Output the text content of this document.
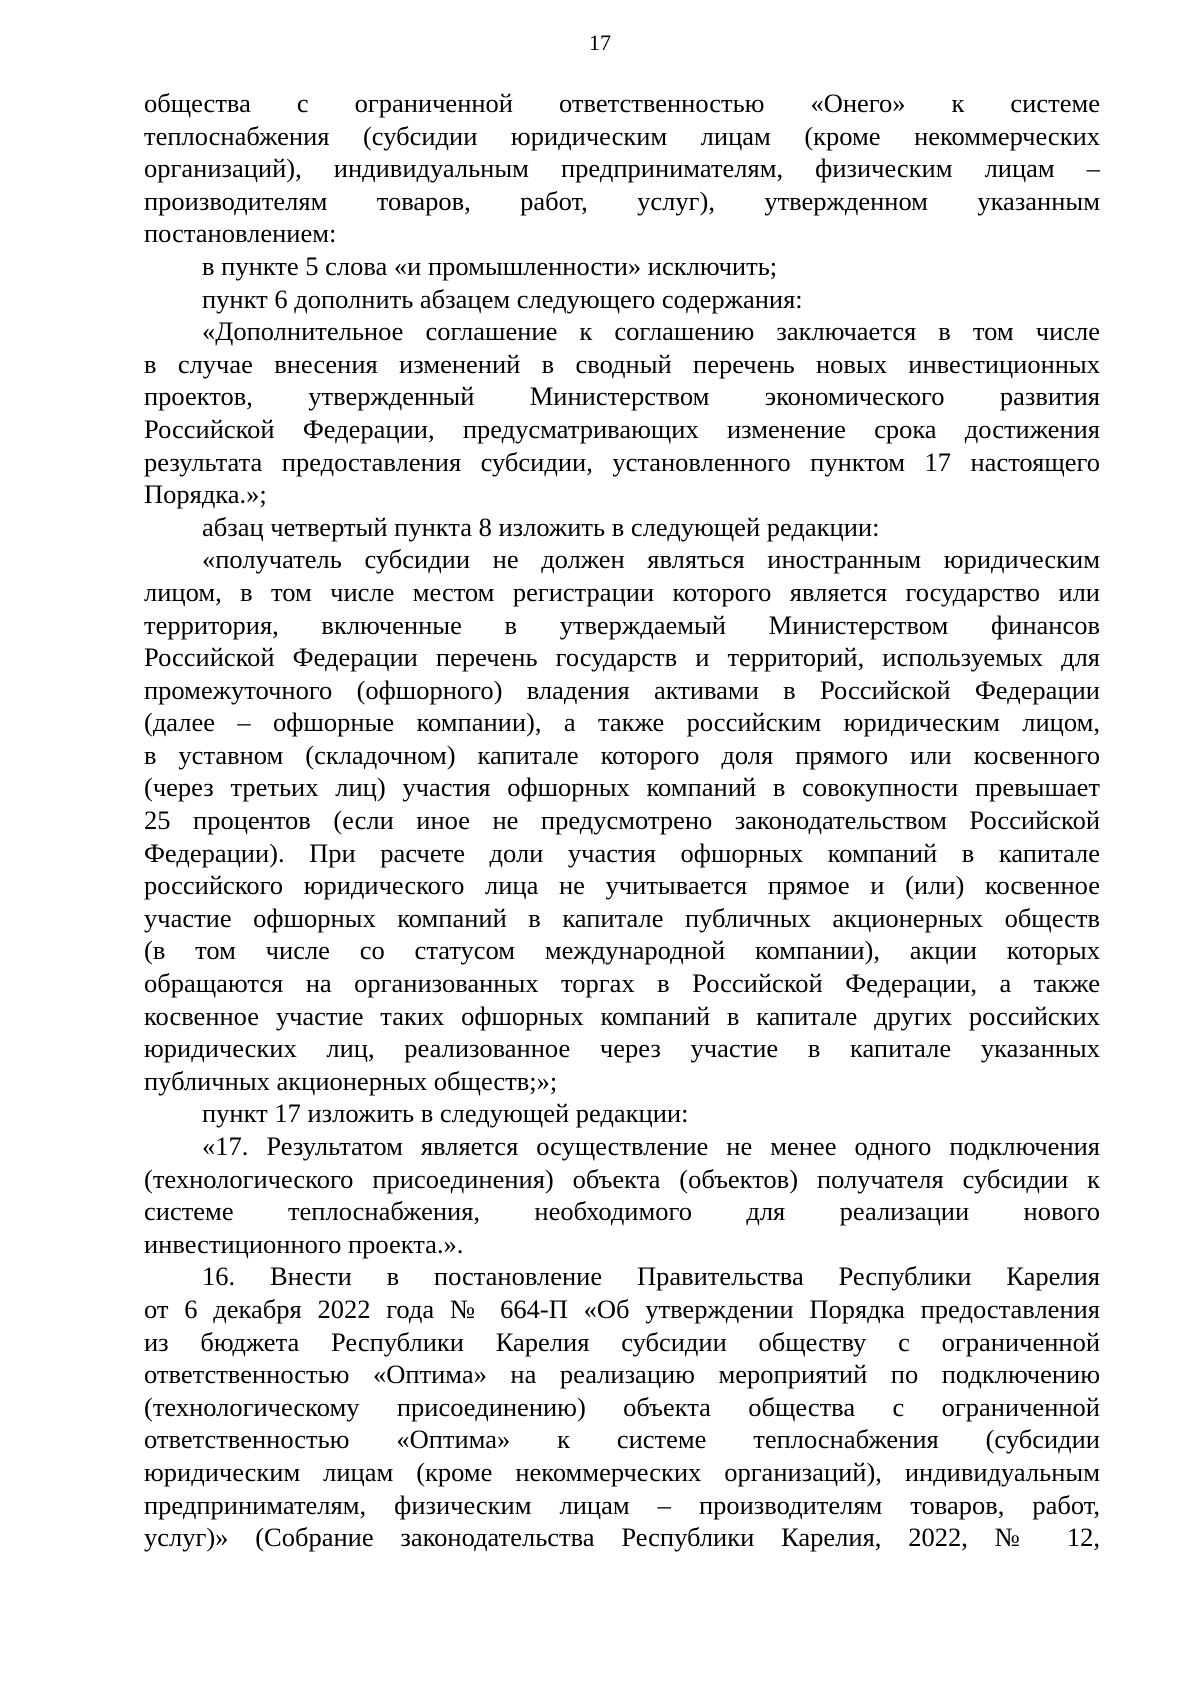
17
общества с ограниченной ответственностью «Онего» к системе
теплоснабжения (субсидии юридическим лицам (кроме некоммерческих
организаций), индивидуальным предпринимателям, физическим лицам –
производителям товаров, работ, услуг), утвержденном указанным
постановлением:
в пункте 5 слова «и промышленности» исключить;
пункт 6 дополнить абзацем следующего содержания:
«Дополнительное соглашение к соглашению заключается в том числе
в случае внесения изменений в сводный перечень новых инвестиционных
проектов, утвержденный Министерством экономического развития
Российской Федерации, предусматривающих изменение срока достижения
результата предоставления субсидии, установленного пунктом 17 настоящего
Порядка.»;
абзац четвертый пункта 8 изложить в следующей редакции:
«получатель субсидии не должен являться иностранным юридическим
лицом, в том числе местом регистрации которого является государство или
территория, включенные в утверждаемый Министерством финансов
Российской Федерации перечень государств и территорий, используемых для
промежуточного (офшорного) владения активами в Российской Федерации
(далее – офшорные компании), а также российским юридическим лицом,
в уставном (складочном) капитале которого доля прямого или косвенного
(через третьих лиц) участия офшорных компаний в совокупности превышает
25 процентов (если иное не предусмотрено законодательством Российской
Федерации). При расчете доли участия офшорных компаний в капитале
российского юридического лица не учитывается прямое и (или) косвенное
участие офшорных компаний в капитале публичных акционерных обществ
(в том числе со статусом международной компании), акции которых
обращаются на организованных торгах в Российской Федерации, а также
косвенное участие таких офшорных компаний в капитале других российских
юридических лиц, реализованное через участие в капитале указанных
публичных акционерных обществ;»;
пункт 17 изложить в следующей редакции:
«17. Результатом является осуществление не менее одного подключения
(технологического присоединения) объекта (объектов) получателя субсидии к
системе теплоснабжения, необходимого для реализации нового
инвестиционного проекта.».
16. Внести в постановление Правительства Республики Карелия
от 6 декабря 2022 года № 664-П «Об утверждении Порядка предоставления
из бюджета Республики Карелия субсидии обществу с ограниченной
ответственностью «Оптима» на реализацию мероприятий по подключению
(технологическому присоединению) объекта общества с ограниченной
ответственностью «Оптима» к системе теплоснабжения (субсидии
юридическим лицам (кроме некоммерческих организаций), индивидуальным
предпринимателям, физическим лицам – производителям товаров, работ,
услуг)» (Собрание законодательства Республики Карелия, 2022, № 12,
